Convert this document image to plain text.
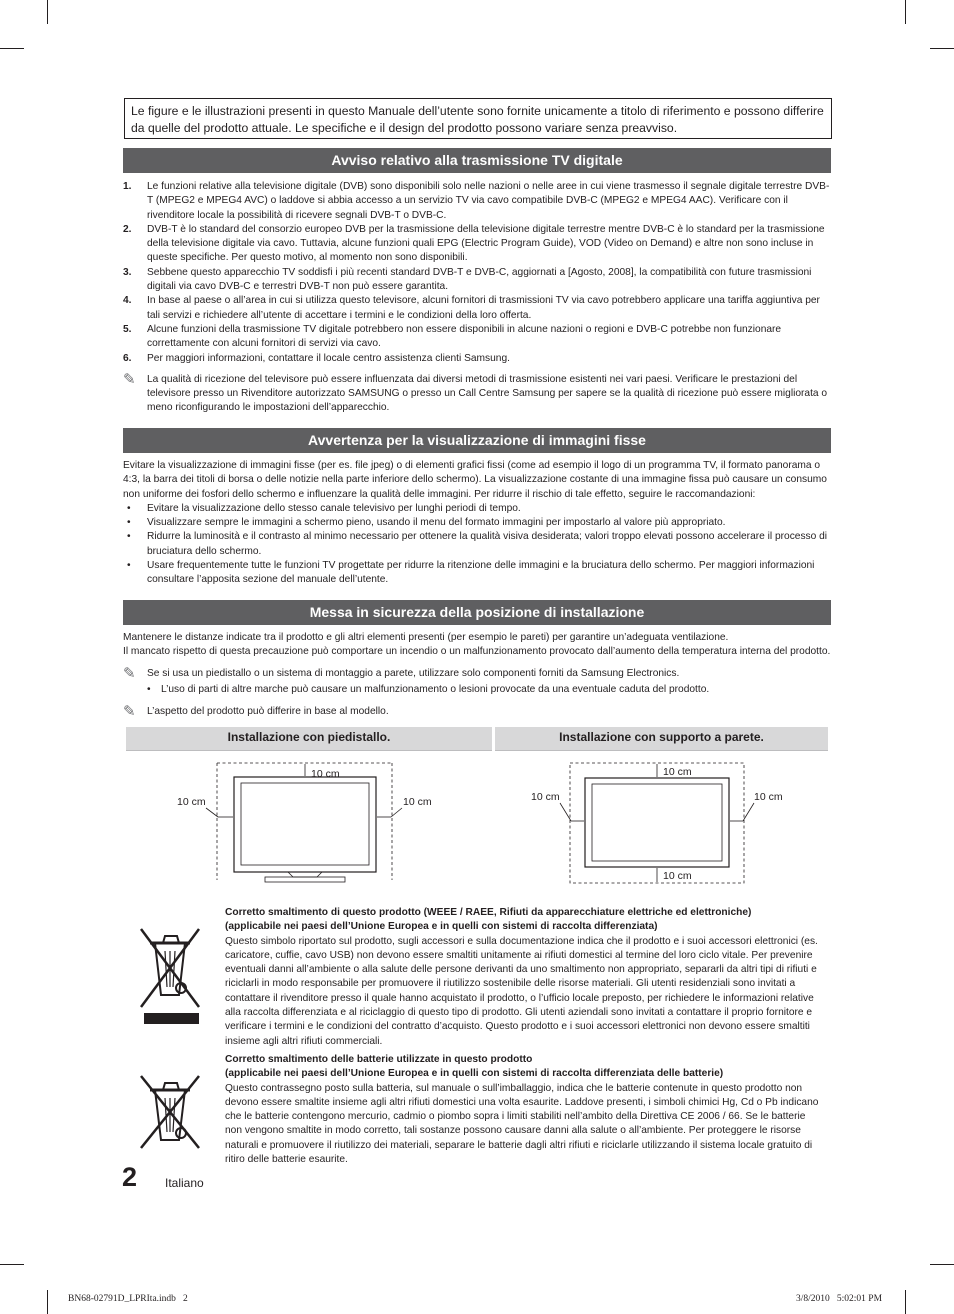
Le figure e le illustrazioni presenti in questo Manuale dell’utente sono fornite unicamente a titolo di riferimento e possono differire da quelle del prodotto attuale. Le specifiche e il design del prodotto possono variare senza preavviso.
Avviso relativo alla trasmissione TV digitale
1.	Le funzioni relative alla televisione digitale (DVB) sono disponibili solo nelle nazioni o nelle aree in cui viene trasmesso il segnale digitale terrestre DVB-T (MPEG2 e MPEG4 AVC) o laddove si abbia accesso a un servizio TV via cavo compatibile DVB-C (MPEG2 e MPEG4 AAC). Verificare con il rivenditore locale la possibilità di ricevere segnali DVB-T o DVB-C.
2.	DVB-T è lo standard del consorzio europeo DVB per la trasmissione della televisione digitale terrestre mentre DVB-C è lo standard per la trasmissione della televisione digitale via cavo. Tuttavia, alcune funzioni quali EPG (Electric Program Guide), VOD (Video on Demand) e altre non sono incluse in queste specifiche. Per questo motivo, al momento non sono disponibili.
3.	Sebbene questo apparecchio TV soddisfi i più recenti standard DVB-T e DVB-C, aggiornati a [Agosto, 2008], la compatibilità con future trasmissioni digitali via cavo DVB-C e terrestri DVB-T non può essere garantita.
4.	In base al paese o all’area in cui si utilizza questo televisore, alcuni fornitori di trasmissioni TV via cavo potrebbero applicare una tariffa aggiuntiva per tali servizi e richiedere all’utente di accettare i termini e le condizioni della loro offerta.
5.	Alcune funzioni della trasmissione TV digitale potrebbero non essere disponibili in alcune nazioni o regioni e DVB-C potrebbe non funzionare correttamente con alcuni fornitori di servizi via cavo.
6.	Per maggiori informazioni, contattare il locale centro assistenza clienti Samsung.
✎	La qualità di ricezione del televisore può essere influenzata dai diversi metodi di trasmissione esistenti nei vari paesi. Verificare le prestazioni del televisore presso un Rivenditore autorizzato SAMSUNG o presso un Call Centre Samsung per sapere se la qualità di ricezione può essere migliorata o meno riconfigurando le impostazioni dell’apparecchio.
Avvertenza per la visualizzazione di immagini fisse

Evitare la visualizzazione di immagini fisse (per es. file jpeg) o di elementi grafici fissi (come ad esempio il logo di un programma TV, il formato panorama o 4:3, la barra dei titoli di borsa o delle notizie nella parte inferiore dello schermo). La visualizzazione costante di una immagine fissa può causare un consumo non uniforme dei fosfori dello schermo e influenzare la qualità delle immagini. Per ridurre il rischio di tale effetto, seguire le raccomandazioni:

•	Evitare la visualizzazione dello stesso canale televisivo per lunghi periodi di tempo.
•	Visualizzare sempre le immagini a schermo pieno, usando il menu del formato immagini per impostarlo al valore più appropriato.
•	Ridurre la luminosità e il contrasto al minimo necessario per ottenere la qualità visiva desiderata; valori troppo elevati possono accelerare il processo di bruciatura dello schermo.
•	Usare frequentemente tutte le funzioni TV progettate per ridurre la ritenzione delle immagini e la bruciatura dello schermo. Per maggiori informazioni consultare l’apposita sezione del manuale dell’utente.
Messa in sicurezza della posizione di installazione

Mantenere le distanze indicate tra il prodotto e gli altri elementi presenti (per esempio le pareti) per garantire un’adeguata ventilazione.

Il mancato rispetto di questa precauzione può comportare un incendio o un malfunzionamento provocato dall’aumento della temperatura interna del prodotto.

✎	Se si usa un piedistallo o un sistema di montaggio a parete, utilizzare solo componenti forniti da Samsung Electronics.
•	L’uso di parti di altre marche può causare un malfunzionamento o lesioni provocate da una eventuale caduta del prodotto.
✎	L’aspetto del prodotto può differire in base al modello.
Installazione con piedistallo.	Installazione con supporto a parete.
10 cm
10 cm	10 cm
10 cm
10 cm
10 cm	10 cm
Corretto smaltimento di questo prodotto (WEEE / RAEE, Rifiuti da apparecchiature elettriche ed elettroniche)
(applicabile nei paesi dell’Unione Europea e in quelli con sistemi di raccolta differenziata)
Questo simbolo riportato sul prodotto, sugli accessori e sulla documentazione indica che il prodotto e i suoi accessori elettronici (es. caricatore, cuffie, cavo USB) non devono essere smaltiti unitamente ai rifiuti domestici al termine del loro ciclo vitale. Per prevenire eventuali danni all’ambiente o alla salute delle persone derivanti da uno smaltimento non appropriato, separarli da altri tipi di rifiuti e riciclarli in modo responsabile per promuovere il riutilizzo sostenibile delle risorse materiali. Gli utenti residenziali sono invitati a contattare il rivenditore presso il quale hanno acquistato il prodotto, o l’ufficio locale preposto, per richiedere le informazioni relative alla raccolta differenziata e al riciclaggio di questo tipo di prodotto. Gli utenti aziendali sono invitati a contattare il proprio fornitore e verificare i termini e le condizioni del contratto d’acquisto. Questo prodotto e i suoi accessori elettronici non devono essere smaltiti insieme agli altri rifiuti commerciali.
Corretto smaltimento delle batterie utilizzate in questo prodotto
(applicabile nei paesi dell’Unione Europea e in quelli con sistemi di raccolta differenziata delle batterie)
Questo contrassegno posto sulla batteria, sul manuale o sull’imballaggio, indica che le batterie contenute in questo prodotto non devono essere smaltite insieme agli altri rifiuti domestici una volta esaurite. Laddove presenti, i simboli chimici Hg, Cd o Pb indicano che le batterie contengono mercurio, cadmio o piombo sopra i limiti stabiliti nell’ambito della Direttiva CE 2006 / 66. Se le batterie non vengono smaltite in modo corretto, tali sostanze possono causare danni alla salute o all’ambiente. Per proteggere le risorse naturali e promuovere il riutilizzo dei materiali, separare le batterie dagli altri rifiuti e riciclarle utilizzando il sistema locale gratuito di ritiro delle batterie esaurite.
2 Italiano
BN68-02791D_LPRIta.indb   2	3/8/2010   5:02:01 PM
